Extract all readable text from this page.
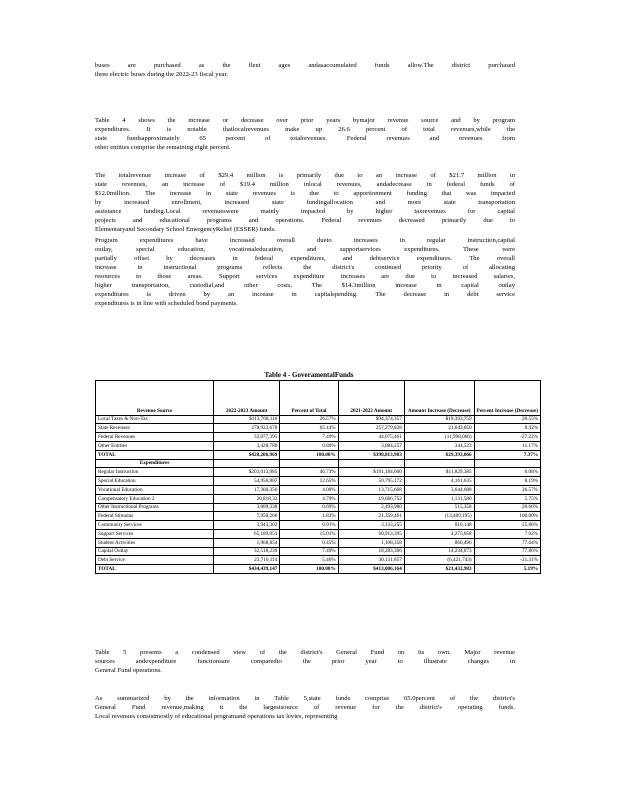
buses are purchased as the fleet ages andasaccumulated funds allow.The district purchased
three electric buses during the 2022-23 fiscal year.
Table 4 shows the increase or decrease over prior years bymajor revenue source and by program
expenditures. It is notable thatlocalrevenues make up 26.6 percent of total revenues,while the
state fundsapproximately 65 percent of totalrevenues. Federal revenues and revenues from
other entities comprise the remaining eight percent.
The totalrevenue increase of $29.4 million is primarily due to an increase of $21.7 million in
state revenues, an increase of $19.4 million inlocal revenues, andadecrease in federal funds of
$12.0million. The increase in state revenues is due to apportionment funding that was impacted
by increased enrollment, increased state fundingallocation and more state transportation
assistance funding.Local revenueswere mainly impacted by higher taxrevenues for capital
projects and educational programs and operations. Federal revenues decreased primarily due to
Elementaryand Secondary School EmergencyRelief (ESSER) funds.
Program expenditures have increased overall dueto increases in regular instruction,capital
outlay, special education, vocationaleducation, and supportservices expenditures. These were
partially offset by decreases in federal expenditures, and debtservice expenditures. The overall
increase in instructional programs reflects the district's continued priority of allocating
resources to those areas. Support services expenditure increases are due to increased salaries,
higher transportation, custodial,and other costs. The $14.3million increase in capital outlay
expenditures is driven by an increase in capitalspending. The decrease in debt service
expenditures is in line with scheduled bond payments.
Table 4 - GoveramentalFunds
Revenue Source	2022-2023 Amount	Percent of Total	2021-2022 Amount	Amount Increase (Decrease)	Percent Increase (Decrease)
Local Taxes & Non-Tax	$113,768,116	26.57%	$94,374,357	$19,393,759	20.55%
State Revenues	278,923,678	65.14%	257,279,828	21,643,850	8.42%
Federal Revenues	32,077,395	7.49%	44,075,461	(11,998,066)	-27.22%
Other Entities	3,428,780	0.80%	3,084,257	344,523	11.17%
TOTAL	$428,206,969	100.00%	$398,813,903	$29,393,066	7.37%
Expenditures					
Regular Instruction	$203,013,985	46.73%	$191,184,600	$11,829,385	6.08%
Special Education	54,956,807	12.65%	50,795,172	4,161,635	8.19%
Vocational Education	17,360,356	4.00%	13,715,668	3,644,688	26.57%
Compensatory Education 2	20,818,32	4.79%	19,686,752	1,131,580	5.75%
Other Instructional Programs	3,009,338	0.69%	2,493,980	515,358	20.66%
Federal Stimulus	7,950,266	1.83%	21,359,461	(13,409,195)	100.00%
Community Services	3,943,303	0.91%	3,133,255	810,148	25.86%
Support Services	65,189,053	15.01%	60,913,395	4,275,658	7.02%
Student Activities	1,968,854	0.45%	1,108,358	860,496	77.64%
Capital Outlay	32,518,239	7.49%	18,283,366	14,234,873	77.86%
Debt Service	23,710,114	5.46%	30,131,857	(6,421,743)	-21.31%
TOTAL	$434,439,147	100.00%	$413,006,164	$21,432,983	5.19%
Table 5 presents a condensed view of the district's General Fund on its own. Major revenue
sources andexpenditure functionsare comparedto the prior year to illustrate changes in
General Fund operations.
As summarized by the information in Table 5,state funds comprise 65.0percent of the district's
General Fund revenue,making it the largestsource of revenue for the district's operating funds.
Local revenues consistmostly of educational programand operations tax levies, representing
